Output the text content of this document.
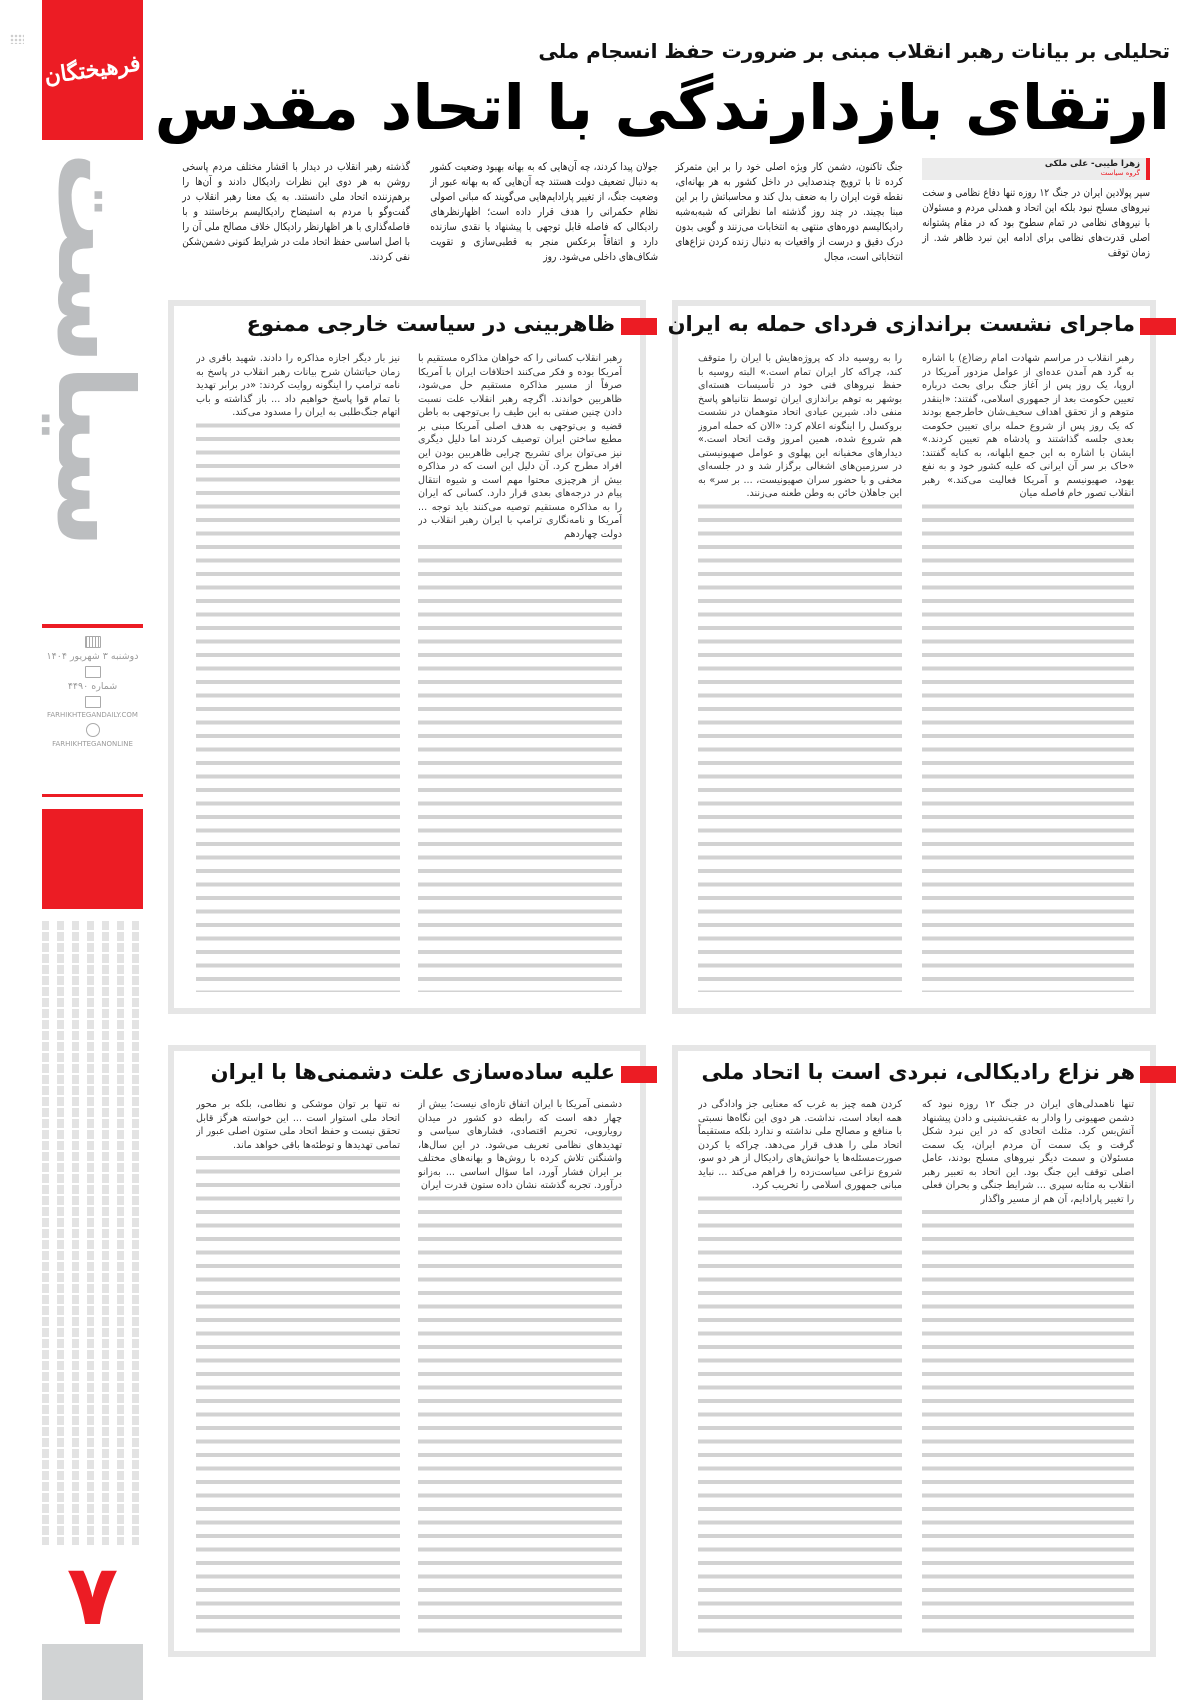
فرهیختگان
سیاست
دوشنبه ۳ شهریور ۱۴۰۴
شماره ۴۴۹۰
FARHIKHTEGANDAILY.COM
FARHIKHTEGANONLINE
۷
تحلیلی بر بیانات رهبر انقلاب مبنی بر ضرورت حفظ انسجام ملی
ارتقای بازدارندگی با اتحاد مقدس
زهرا طیبی- علی ملکی
گروه سیاست
سپر پولادین ایران در جنگ ۱۲ روزه تنها دفاع نظامی و سخت نیروهای مسلح نبود بلکه این اتحاد و همدلی مردم و مسئولان با نیروهای نظامی در تمام سطوح بود که در مقام پشتوانه اصلی قدرت‌های نظامی برای ادامه این نبرد ظاهر شد. از زمان توقف
جنگ تاکنون، دشمن کار ویژه اصلی خود را بر این متمرکز کرده تا با ترویج چندصدایی در داخل کشور به هر بهانه‌ای، نقطه قوت ایران را به ضعف بدل کند و محاسباتش را بر این مبنا بچیند. در چند روز گذشته اما نظراتی که شبه‌به‌شبه رادیکالیسم دوره‌های منتهی به انتخابات می‌زنند و گویی بدون درک دقیق و درست از واقعیات به دنبال زنده کردن نزاع‌های انتخاباتی است، مجال
جولان پیدا کردند، چه آن‌هایی که به بهانه بهبود وضعیت کشور به دنبال تضعیف دولت هستند چه آن‌هایی که به بهانه عبور از وضعیت جنگ، از تغییر پارادایم‌هایی می‌گویند که مبانی اصولی نظام حکمرانی را هدف قرار داده است؛ اظهارنظرهای رادیکالی که فاصله قابل توجهی با پیشنهاد یا نقدی سازنده دارد و اتفاقاً برعکس منجر به قطبی‌سازی و تقویت شکاف‌های داخلی می‌شود. روز
گذشته رهبر انقلاب در دیدار با اقشار مختلف مردم پاسخی روشن به هر دوی این نظرات رادیکال دادند و آن‌ها را برهم‌زننده اتحاد ملی دانستند. به یک معنا رهبر انقلاب در گفت‌وگو با مردم به استیضاح رادیکالیسم برخاستند و با فاصله‌گذاری با هر اظهارنظر رادیکال خلاف مصالح ملی آن را با اصل اساسی حفظ اتحاد ملت در شرایط کنونی دشمن‌شکن نفی کردند.
ماجرای نشست براندازی فردای حمله به ایران

رهبر انقلاب در مراسم شهادت امام رضا(ع) با اشاره به گرد هم آمدن عده‌ای از عوامل مزدور آمریکا در اروپا، یک روز پس از آغاز جنگ برای بحث درباره تعیین حکومت بعد از جمهوری اسلامی، گفتند: «اینقدر متوهم و از تحقق اهداف سخیف‌شان خاطرجمع بودند که یک روز پس از شروع حمله برای تعیین حکومت بعدی جلسه گذاشتند و پادشاه هم تعیین کردند.» ایشان با اشاره به این جمع ابلهانه، به کنایه گفتند: «خاک بر سر آن ایرانی که علیه کشور خود و به نفع یهود، صهیونیسم و آمریکا فعالیت می‌کند.» رهبر انقلاب تصور خام فاصله میان

را به روسیه داد که پروژه‌هایش با ایران را متوقف کند، چراکه کار ایران تمام است.» البته روسیه با حفظ نیروهای فنی خود در تأسیسات هسته‌ای بوشهر به توهم براندازی ایران توسط نتانیاهو پاسخ منفی داد. شیرین عبادی اتحاد متوهمان در نشست بروکسل را اینگونه اعلام کرد: «الان که حمله امروز هم شروع شده، همین امروز وقت اتحاد است.» دیدارهای مخفیانه این پهلوی و عوامل صهیونیستی در سرزمین‌های اشغالی برگزار شد و در جلسه‌ای مخفی و با حضور سران صهیونیست، ... بر سر» به این جاهلان خائن به وطن طعنه می‌زنند.

ظاهربینی در سیاست خارجی ممنوع

رهبر انقلاب کسانی را که خواهان مذاکره مستقیم با آمریکا بوده و فکر می‌کنند اختلافات ایران با آمریکا صرفاً از مسیر مذاکره مستقیم حل می‌شود، ظاهربین خواندند. اگرچه رهبر انقلاب علت نسبت دادن چنین صفتی به این طیف را بی‌توجهی به باطن قضیه و بی‌توجهی به هدف اصلی آمریکا مبنی بر مطیع ساختن ایران توصیف کردند اما دلیل دیگری نیز می‌توان برای تشریح چرایی ظاهربین بودن این افراد مطرح کرد. آن دلیل این است که در مذاکره بیش از هرچیزی محتوا مهم است و شیوه انتقال پیام در درجه‌های بعدی قرار دارد. کسانی که ایران را به مذاکره مستقیم توصیه می‌کنند باید توجه ... آمریکا و نامه‌نگاری ترامپ با ایران رهبر انقلاب در دولت چهاردهم

نیز بار دیگر اجازه مذاکره را دادند. شهید باقری در زمان حیاتشان شرح بیانات رهبر انقلاب در پاسخ به نامه ترامپ را اینگونه روایت کردند: «در برابر تهدید با تمام قوا پاسخ خواهیم داد ... باز گذاشته و باب اتهام جنگ‌طلبی به ایران را مسدود می‌کند.

هر نزاع رادیکالی، نبردی است با اتحاد ملی

تنها ناهمدلی‌های ایران در جنگ ۱۲ روزه نبود که دشمن صهیونی را وادار به عقب‌نشینی و دادن پیشنهاد آتش‌بس کرد. مثلث اتحادی که در این نبرد شکل گرفت و یک سمت آن مردم ایران، یک سمت مسئولان و سمت دیگر نیروهای مسلح بودند، عامل اصلی توقف این جنگ بود. این اتحاد به تعبیر رهبر انقلاب به مثابه سپری ... شرایط جنگی و بحران فعلی را تغییر پارادایم، آن هم از مسیر واگذار

کردن همه چیز به غرب که معنایی جز وادادگی در همه ابعاد است، نداشت. هر دوی این نگاه‌ها نسبتی با منافع و مصالح ملی نداشته و ندارد بلکه مستقیماً اتحاد ملی را هدف قرار می‌دهد. چراکه یا کردن صورت‌مسئله‌ها یا خوانش‌های رادیکال از هر دو سو، شروع نزاعی سیاست‌زده را فراهم می‌کند ... نباید مبانی جمهوری اسلامی را تخریب کرد.

علیه ساده‌سازی علت دشمنی‌ها با ایران

دشمنی آمریکا با ایران اتفاق تازه‌ای نیست؛ بیش از چهار دهه است که رابطه دو کشور در میدان رویارویی، تحریم اقتصادی، فشارهای سیاسی و تهدیدهای نظامی تعریف می‌شود. در این سال‌ها، واشنگتن تلاش کرده با روش‌ها و بهانه‌های مختلف بر ایران فشار آورد، اما سؤال اساسی ... به‌زانو درآورد. تجربه گذشته نشان داده ستون قدرت ایران

نه تنها بر توان موشکی و نظامی، بلکه بر محور اتحاد ملی استوار است ... این خواسته هرگز قابل تحقق نیست و حفظ اتحاد ملی ستون اصلی عبور از تمامی تهدیدها و توطئه‌ها باقی خواهد ماند.
